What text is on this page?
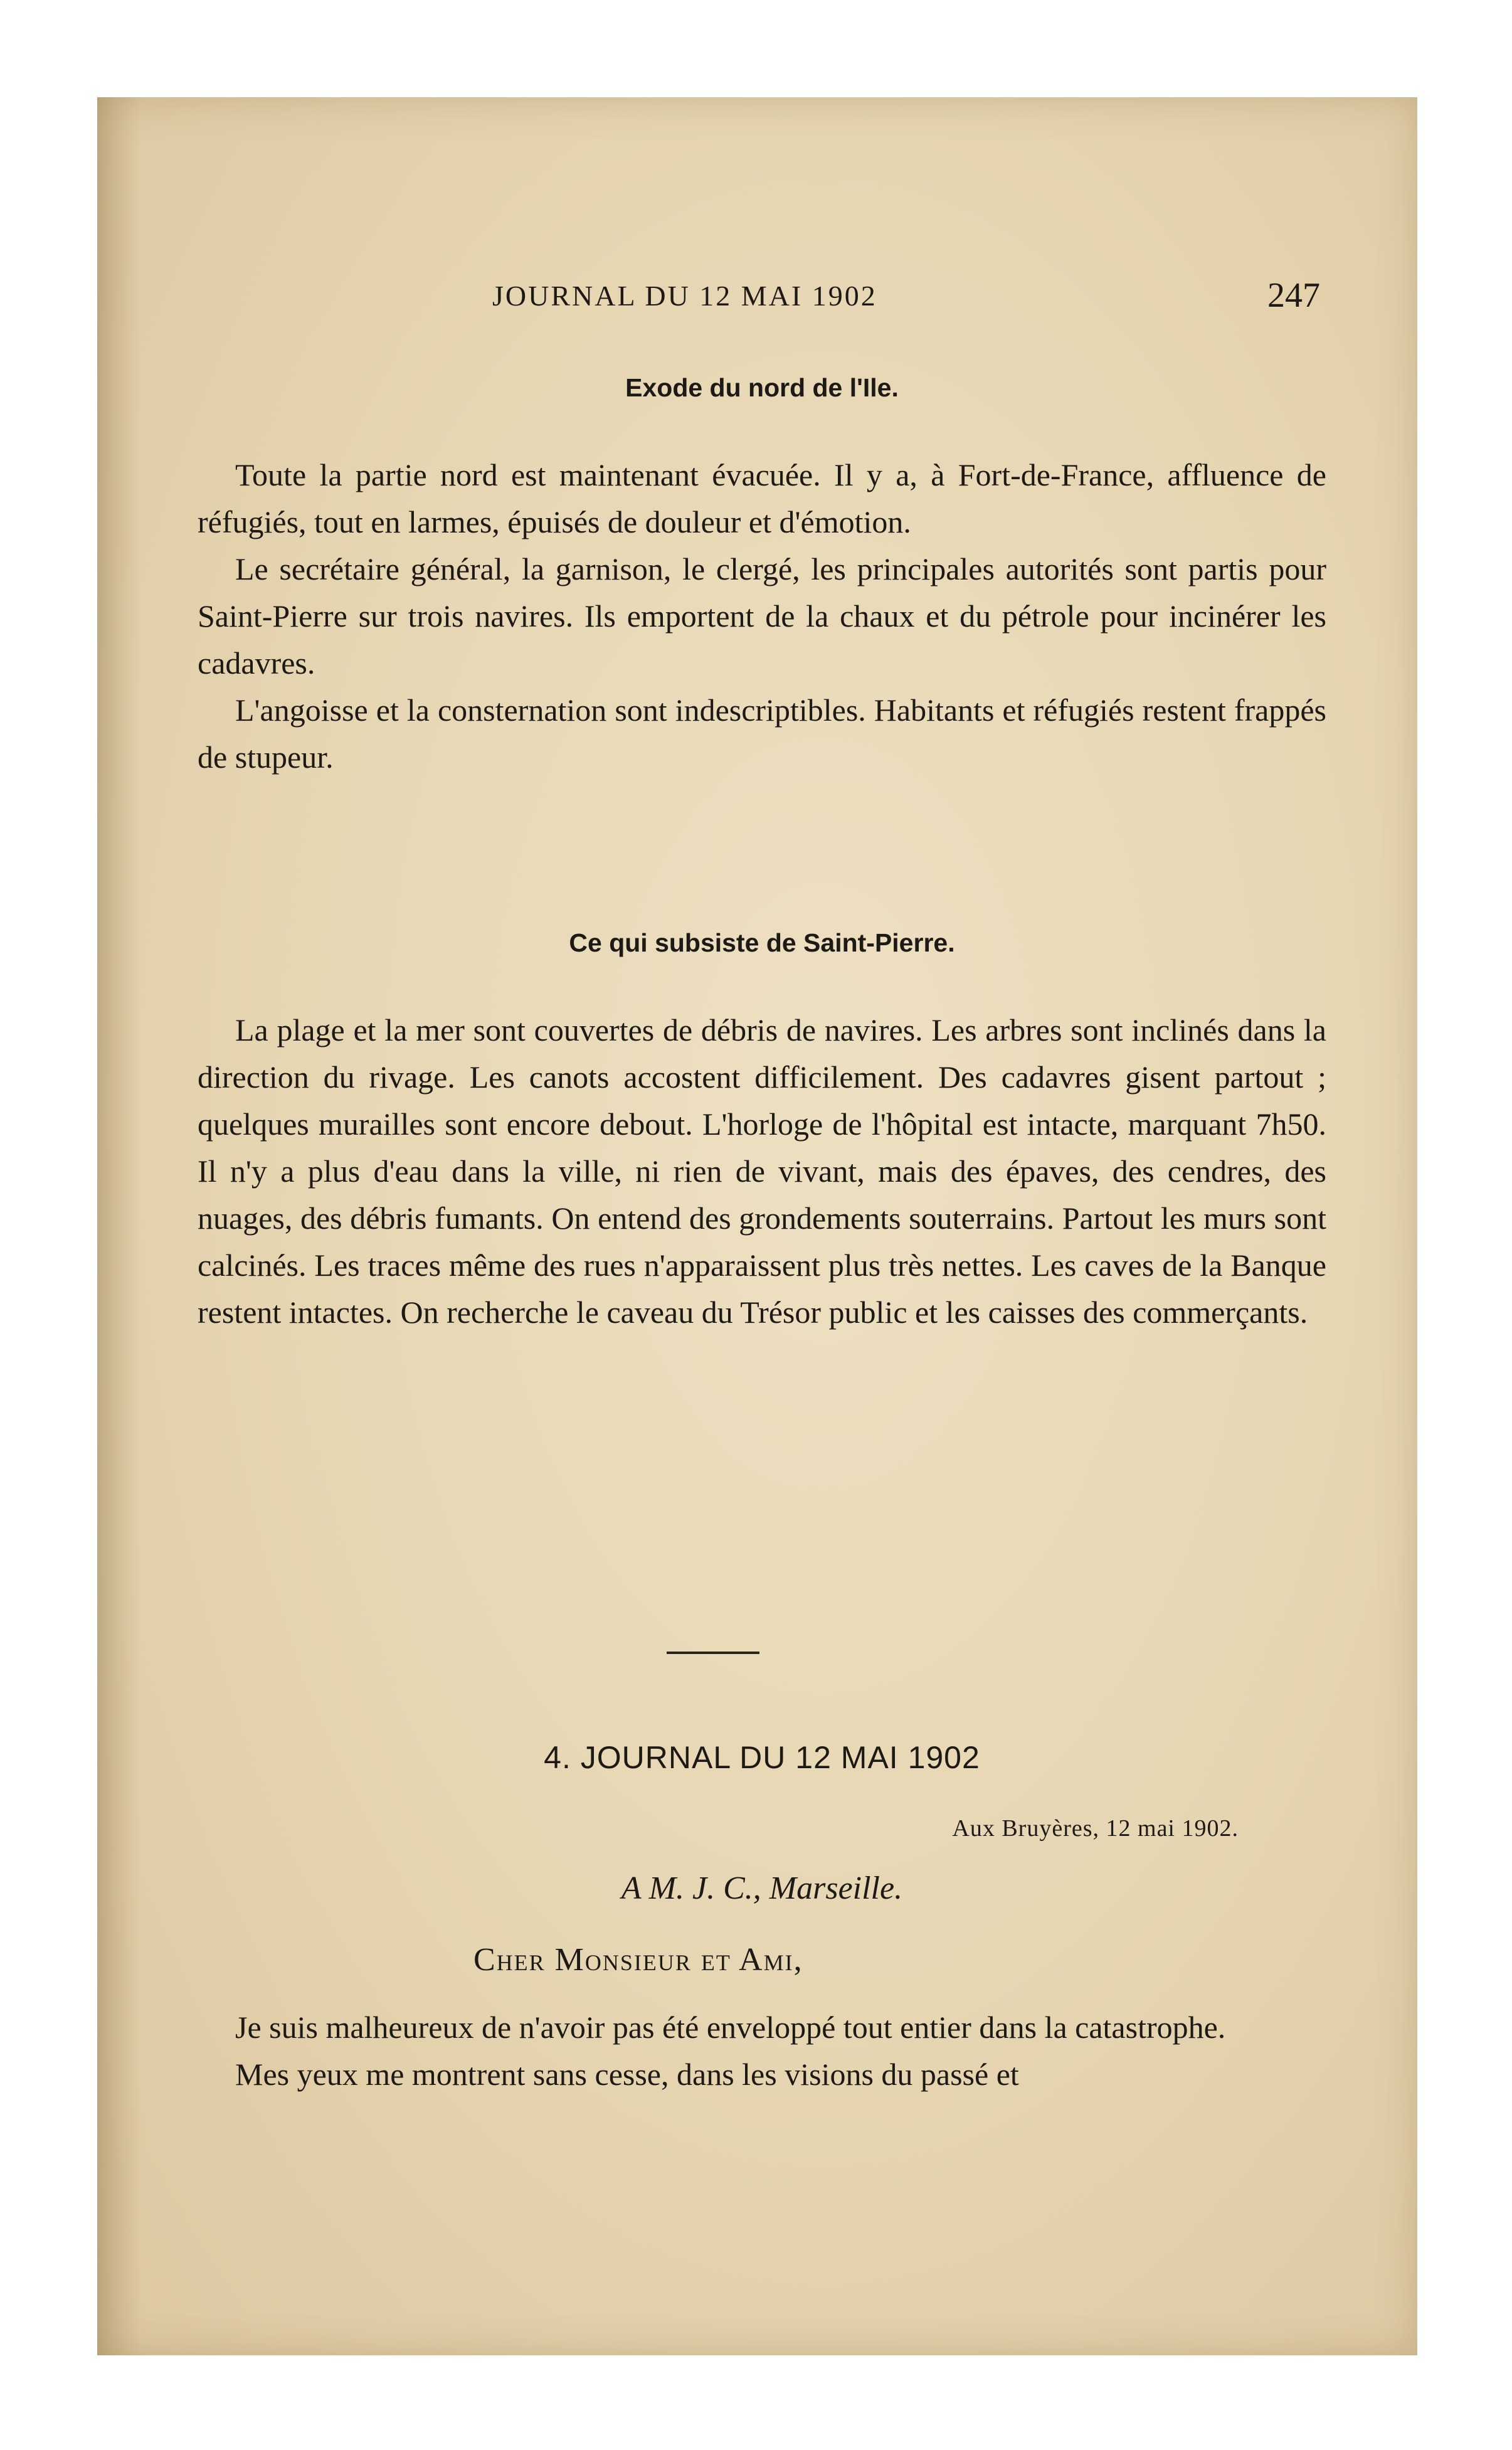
JOURNAL DU 12 MAI 1902	247
Exode du nord de l'Ile.

Toute la partie nord est maintenant évacuée. Il y a, à Fort-de-France, affluence de réfugiés, tout en larmes, épuisés de douleur et d'émotion.

Le secrétaire général, la garnison, le clergé, les principales autorités sont partis pour Saint-Pierre sur trois navires. Ils emportent de la chaux et du pétrole pour incinérer les cadavres.

L'angoisse et la consternation sont indescriptibles. Habitants et réfugiés restent frappés de stupeur.

Ce qui subsiste de Saint-Pierre.

La plage et la mer sont couvertes de débris de navires. Les arbres sont inclinés dans la direction du rivage. Les canots accostent difficilement. Des cadavres gisent partout ; quelques murailles sont encore debout. L'horloge de l'hôpital est intacte, marquant 7h50. Il n'y a plus d'eau dans la ville, ni rien de vivant, mais des épaves, des cendres, des nuages, des débris fumants. On entend des grondements souterrains. Partout les murs sont calcinés. Les traces même des rues n'apparaissent plus très nettes. Les caves de la Banque restent intactes. On recherche le caveau du Trésor public et les caisses des commerçants.

4. JOURNAL DU 12 MAI 1902
Aux Bruyères, 12 mai 1902.
A M. J. C., Marseille.
Cher Monsieur et Ami,

Je suis malheureux de n'avoir pas été enveloppé tout entier dans la catastrophe.

Mes yeux me montrent sans cesse, dans les visions du passé et
